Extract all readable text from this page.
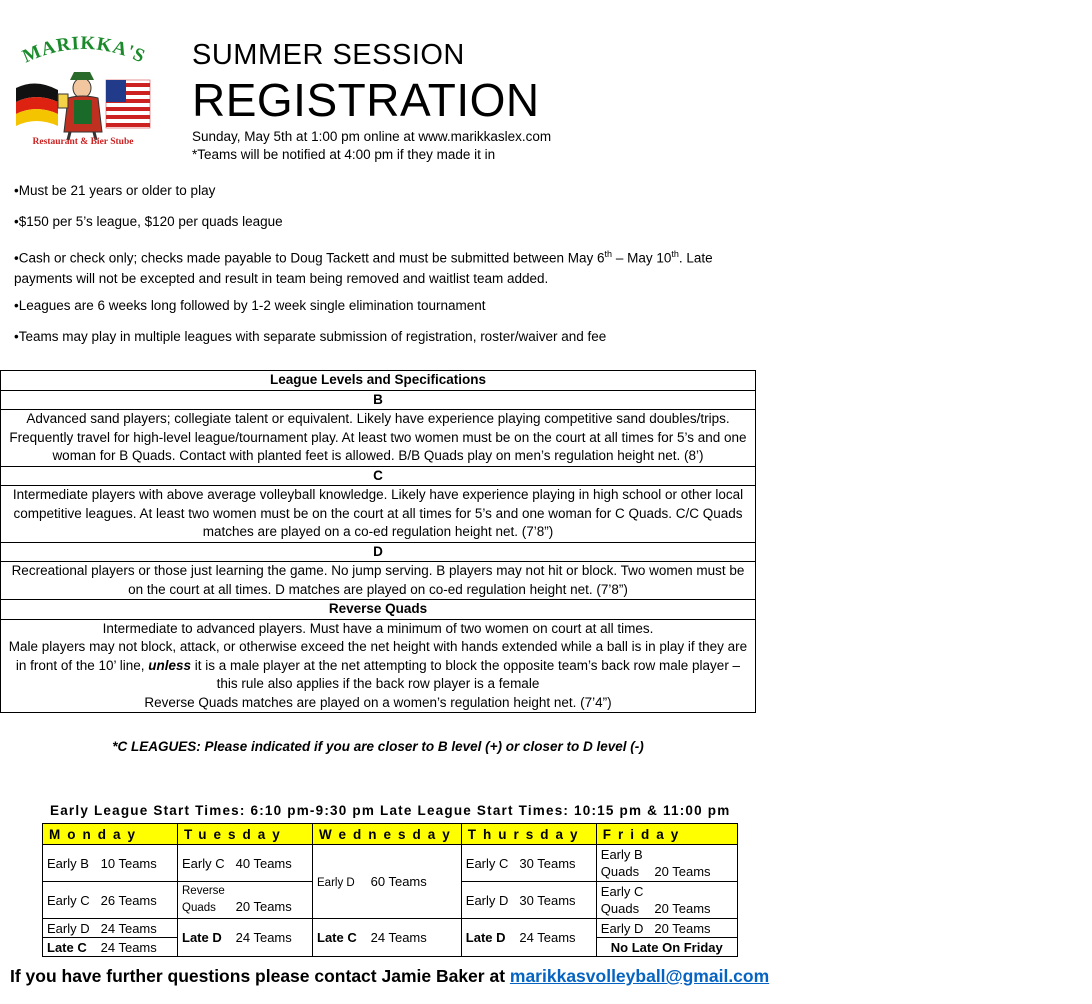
MARIKKA'S
Restaurant & Bier Stube
SUMMER SESSION
REGISTRATION
Sunday, May 5th at 1:00 pm online at www.marikkaslex.com
*Teams will be notified at 4:00 pm if they made it in
•Must be 21 years or older to play
•$150 per 5’s league, $120 per quads league
•Cash or check only; checks made payable to Doug Tackett and must be submitted between May 6th – May 10th. Late payments will not be excepted and result in team being removed and waitlist team added.
•Leagues are 6 weeks long followed by 1-2 week single elimination tournament
•Teams may play in multiple leagues with separate submission of registration, roster/waiver and fee
League Levels and Specifications
B
Advanced sand players; collegiate talent or equivalent. Likely have experience playing competitive sand doubles/trips. Frequently travel for high-level league/tournament play. At least two women must be on the court at all times for 5’s and one woman for B Quads. Contact with planted feet is allowed. B/B Quads play on men’s regulation height net. (8’)
C
Intermediate players with above average volleyball knowledge. Likely have experience playing in high school or other local competitive leagues. At least two women must be on the court at all times for 5’s and one woman for C Quads. C/C Quads matches are played on a co-ed regulation height net. (7’8”)
D
Recreational players or those just learning the game. No jump serving. B players may not hit or block. Two women must be on the court at all times. D matches are played on co-ed regulation height net. (7’8”)
Reverse Quads

Intermediate to advanced players. Must have a minimum of two women on court at all times.
Male players may not block, attack, or otherwise exceed the net height with hands extended while a ball is in play if they are in front of the 10’ line, unless it is a male player at the net attempting to block the opposite team’s back row male player – this rule also applies if the back row player is a female
Reverse Quads matches are played on a women’s regulation height net. (7’4”)
*C LEAGUES: Please indicated if you are closer to B level (+) or closer to D level (-)
Early League Start Times: 6:10 pm-9:30 pm Late League Start Times: 10:15 pm & 11:00 pm
Monday	Tuesday	Wednesday	Thursday	Friday
Early B 10 Teams	Early C 40 Teams	Early D 60 Teams	Early C 30 Teams	Early B Quads 20 Teams
Early C 26 Teams	Reverse Quads 20 Teams		Early D 30 Teams	Early C Quads 20 Teams
Early D 24 Teams	Late D 24 Teams	Late C 24 Teams	Late D 24 Teams	Early D 20 Teams
Late C 24 Teams				No Late On Friday
If you have further questions please contact Jamie Baker at marikkasvolleyball@gmail.com
